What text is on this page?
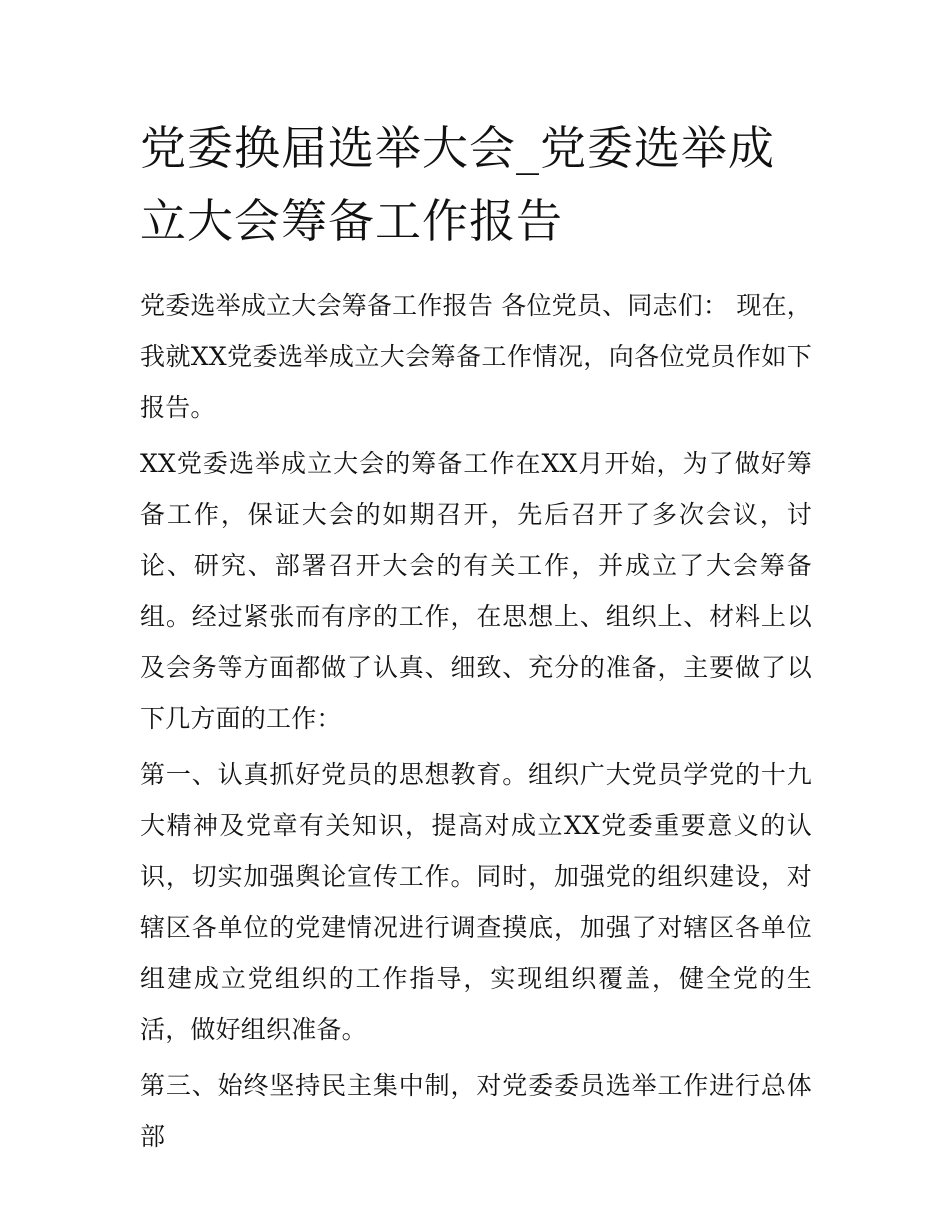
党委换届选举大会_党委选举成立大会筹备工作报告

党委选举成立大会筹备工作报告 各位党员、同志们： 现在，我就XX党委选举成立大会筹备工作情况，向各位党员作如下报告。

XX党委选举成立大会的筹备工作在XX月开始，为了做好筹备工作，保证大会的如期召开，先后召开了多次会议，讨论、研究、部署召开大会的有关工作，并成立了大会筹备组。经过紧张而有序的工作，在思想上、组织上、材料上以及会务等方面都做了认真、细致、充分的准备，主要做了以下几方面的工作：

第一、认真抓好党员的思想教育。组织广大党员学党的十九大精神及党章有关知识，提高对成立XX党委重要意义的认识，切实加强舆论宣传工作。同时，加强党的组织建设，对辖区各单位的党建情况进行调查摸底，加强了对辖区各单位组建成立党组织的工作指导，实现组织覆盖，健全党的生活，做好组织准备。

第三、始终坚持民主集中制，对党委委员选举工作进行总体部
